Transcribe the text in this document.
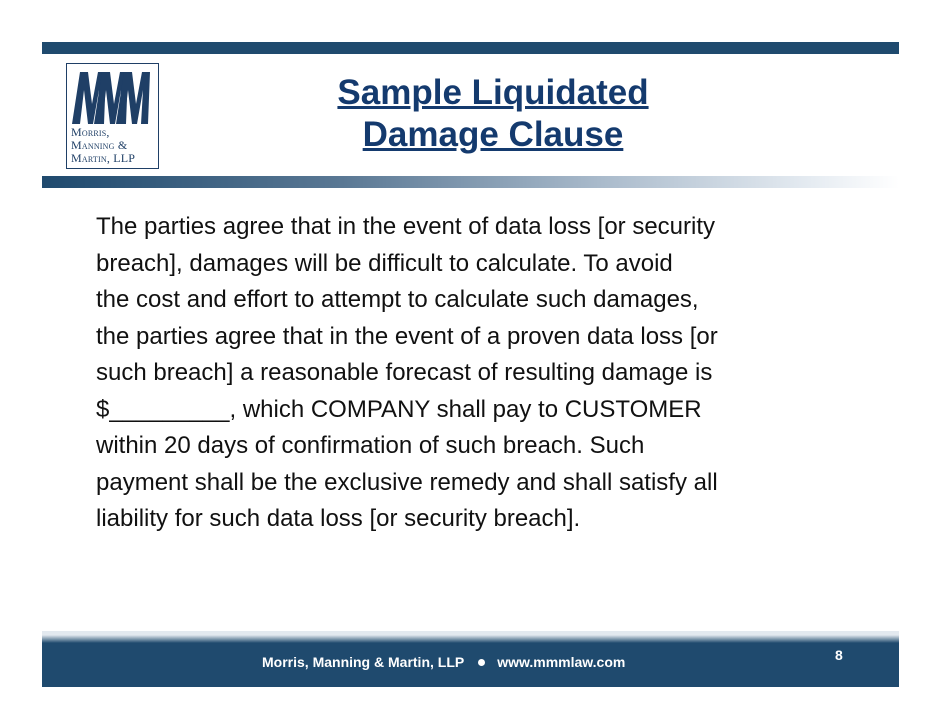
Morris,
Manning &
Martin, LLP
Sample Liquidated
Damage Clause
The parties agree that in the event of data loss [or security
breach], damages will be difficult to calculate. To avoid
the cost and effort to attempt to calculate such damages,
the parties agree that in the event of a proven data loss [or
such breach] a reasonable forecast of resulting damage is
$_________, which COMPANY shall pay to CUSTOMER
within 20 days of confirmation of such breach. Such
payment shall be the exclusive remedy and shall satisfy all
liability for such data loss [or security breach].
Morris, Manning & Martin, LLP www.mmmlaw.com	8
